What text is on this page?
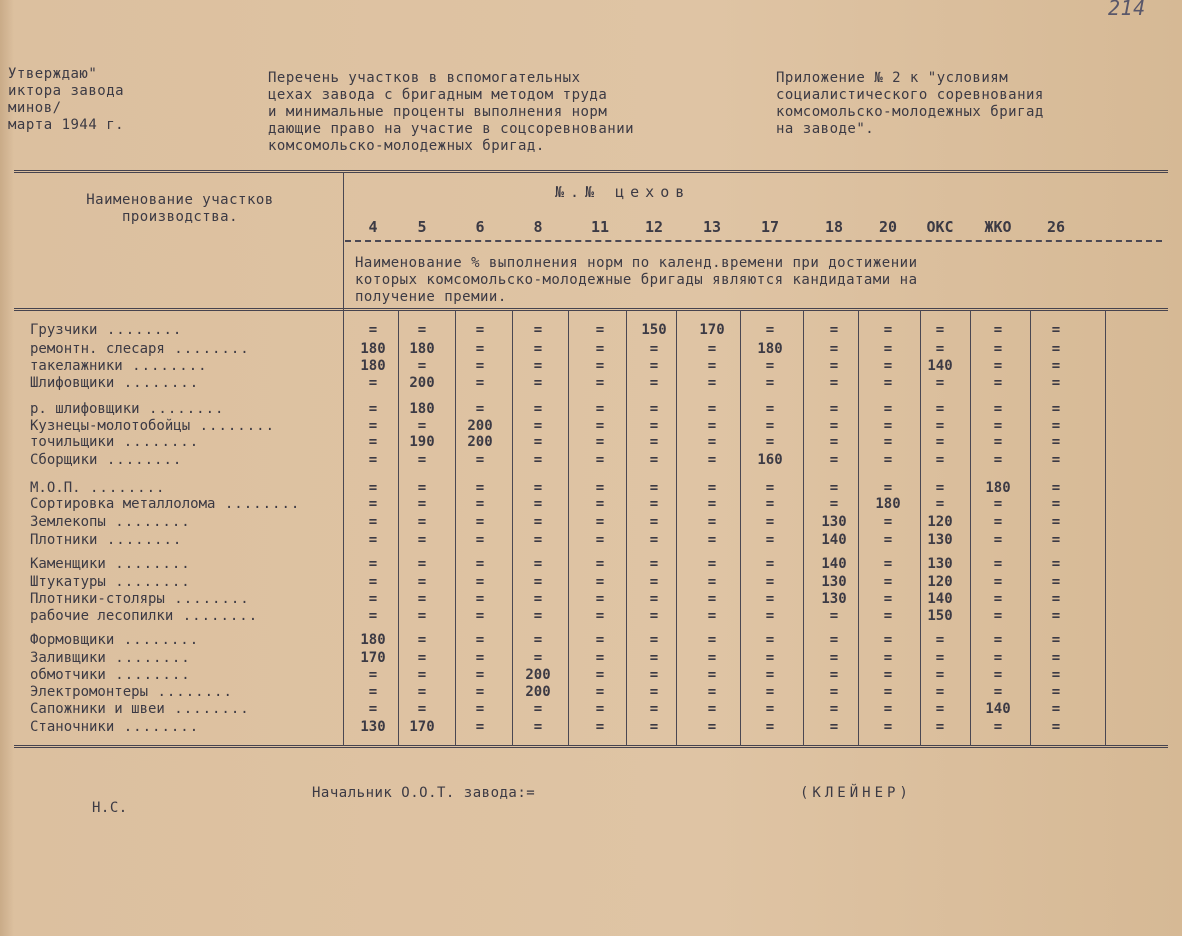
214
Утверждаю"
иктора завода
минов/
марта 1944 г.
Перечень участков в вспомогательных
цехах завода с бригадным методом труда
и минимальные проценты выполнения норм
дающие право на участие в соцсоревновании
комсомольско-молодежных бригад.
Приложение № 2 к "условиям
социалистического соревнования
комсомольско-молодежных бригад
на заводе".
Наименование участков
производства.
№.№ цехов
Наименование % выполнения норм по календ.времени при достижении
которых комсомольско-молодежные бригады являются кандидатами на
получение премии.
4	5	6	8	11	12	13	17	18	20	ОКС	ЖКО	26
Грузчики .....	=	=	=	=	=	150	170	=	=	=	=	=	=
ремонтн. слесаря .....	180	180	=	=	=	=	=	180	=	=	=	=	=
такелажники .....	180	=	=	=	=	=	=	=	=	=	140	=	=
Шлифовщики .....	=	200	=	=	=	=	=	=	=	=	=	=	=
р. шлифовщики .....	=	180	=	=	=	=	=	=	=	=	=	=	=
Кузнецы-молотобойцы .....	=	=	200	=	=	=	=	=	=	=	=	=	=
точильщики .....	=	190	200	=	=	=	=	=	=	=	=	=	=
Сборщики .....	=	=	=	=	=	=	=	160	=	=	=	=	=
М.О.П. .....	=	=	=	=	=	=	=	=	=	=	=	180	=
Сортировка металлолома .....	=	=	=	=	=	=	=	=	=	180	=	=	=
Землекопы .....	=	=	=	=	=	=	=	=	130	=	120	=	=
Плотники .....	=	=	=	=	=	=	=	=	140	=	130	=	=
Каменщики .....	=	=	=	=	=	=	=	=	140	=	130	=	=
Штукатуры .....	=	=	=	=	=	=	=	=	130	=	120	=	=
Плотники-столяры .....	=	=	=	=	=	=	=	=	130	=	140	=	=
рабочие лесопилки .....	=	=	=	=	=	=	=	=	=	=	150	=	=
Формовщики .....	180	=	=	=	=	=	=	=	=	=	=	=	=
Заливщики .....	170	=	=	=	=	=	=	=	=	=	=	=	=
обмотчики .....	=	=	=	200	=	=	=	=	=	=	=	=	=
Электромонтеры .....	=	=	=	200	=	=	=	=	=	=	=	=	=
Сапожники и швеи .....	=	=	=	=	=	=	=	=	=	=	=	140	=
Станочники .....	130	170	=	=	=	=	=	=	=	=	=	=	=
Начальник О.О.Т. завода:=	(КЛЕЙНЕР)
Н.С.
